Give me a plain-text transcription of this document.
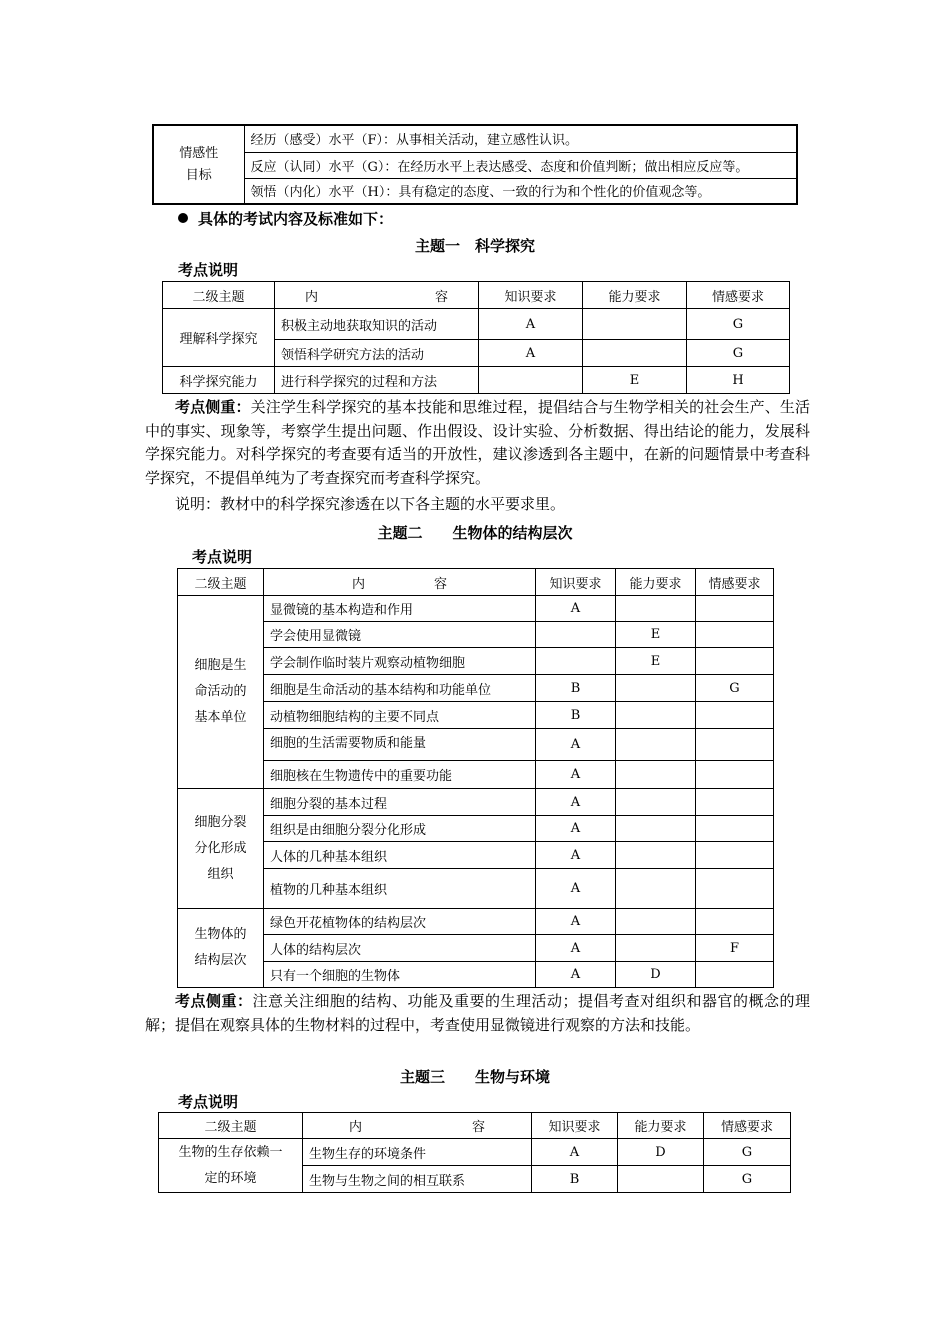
情感性
目标	经历（感受）水平（F）：从事相关活动，建立感性认识。
反应（认同）水平（G）：在经历水平上表达感受、态度和价值判断；做出相应反应等。
领悟（内化）水平（H）：具有稳定的态度、一致的行为和个性化的价值观念等。
具体的考试内容及标准如下：
主题一　科学探究
考点说明
二级主题	内 容	知识要求	能力要求	情感要求
理解科学探究	积极主动地获取知识的活动	A		G
	领悟科学研究方法的活动	A		G
科学探究能力	进行科学探究的过程和方法		E	H

考点侧重：关注学生科学探究的基本技能和思维过程，提倡结合与生物学相关的社会生产、生活中的事实、现象等，考察学生提出问题、作出假设、设计实验、分析数据、得出结论的能力，发展科学探究能力。对科学探究的考查要有适当的开放性，建议渗透到各主题中，在新的问题情景中考查科学探究，不提倡单纯为了考查探究而考查科学探究。

说明：教材中的科学探究渗透在以下各主题的水平要求里。

主题二　　生物体的结构层次
考点说明
二级主题	内 容	知识要求	能力要求	情感要求
细胞是生
命活动的
基本单位	显微镜的基本构造和作用	A		
	学会使用显微镜		E	
	学会制作临时装片观察动植物细胞		E	
	细胞是生命活动的基本结构和功能单位	B		G
	动植物细胞结构的主要不同点	B		
	细胞的生活需要物质和能量	A		
	细胞核在生物遗传中的重要功能	A		
细胞分裂
分化形成
组织	细胞分裂的基本过程	A		
	组织是由细胞分裂分化形成	A		
	人体的几种基本组织	A		
	植物的几种基本组织	A		
生物体的
结构层次	绿色开花植物体的结构层次	A		
	人体的结构层次	A		F
	只有一个细胞的生物体	A	D	

考点侧重：注意关注细胞的结构、功能及重要的生理活动；提倡考查对组织和器官的概念的理解；提倡在观察具体的生物材料的过程中，考查使用显微镜进行观察的方法和技能。

主题三　　生物与环境
考点说明
二级主题	内 容	知识要求	能力要求	情感要求
生物的生存依赖一
定的环境	生物生存的环境条件	A	D	G
	生物与生物之间的相互联系	B		G
